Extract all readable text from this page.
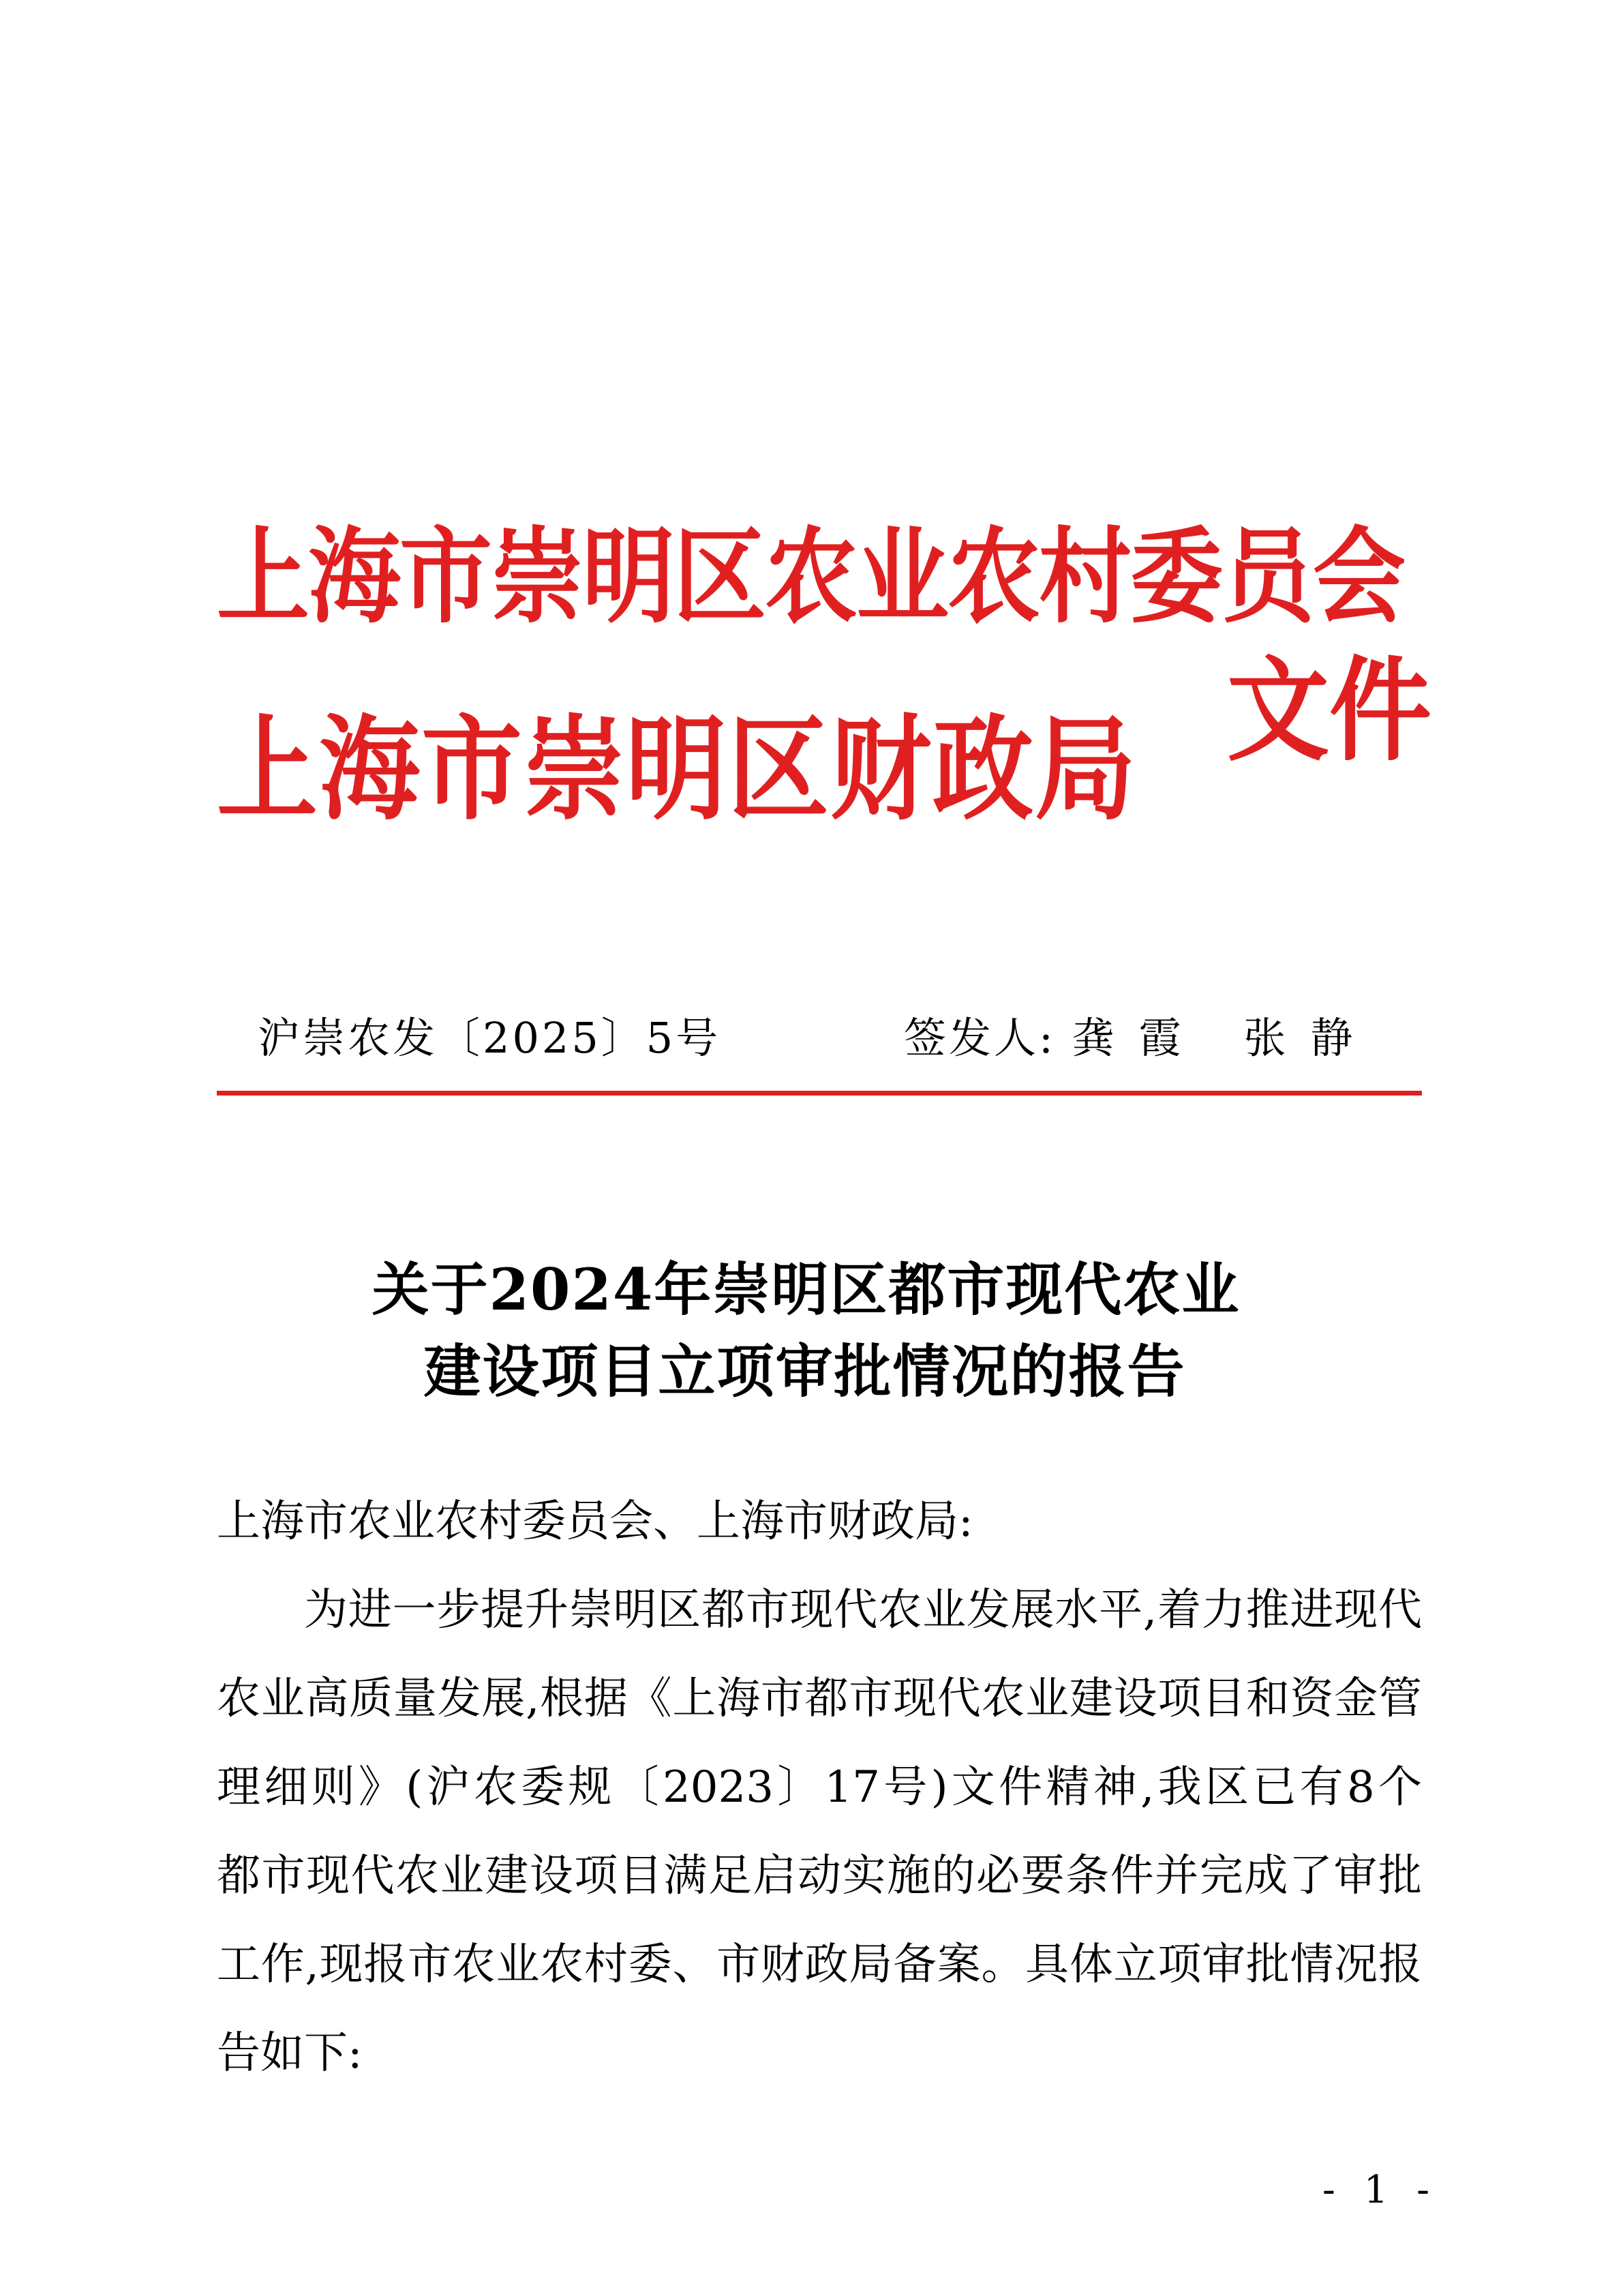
上海市崇明区农业农村委员会
上海市崇明区财政局 文件
沪崇农发〔2025〕5号	签发人: 龚霞 张静
关于2024年崇明区都市现代农业
建设项目立项审批情况的报告
上海市农业农村委员会、上海市财政局:
为进一步提升崇明区都市现代农业发展水平,着力推进现代
农业高质量发展,根据《上海市都市现代农业建设项目和资金管
理细则》(沪农委规〔2023〕17号)文件精神,我区已有8个
都市现代农业建设项目满足启动实施的必要条件并完成了审批
工作,现报市农业农村委、市财政局备案。具体立项审批情况报
告如下:
- 1 -
